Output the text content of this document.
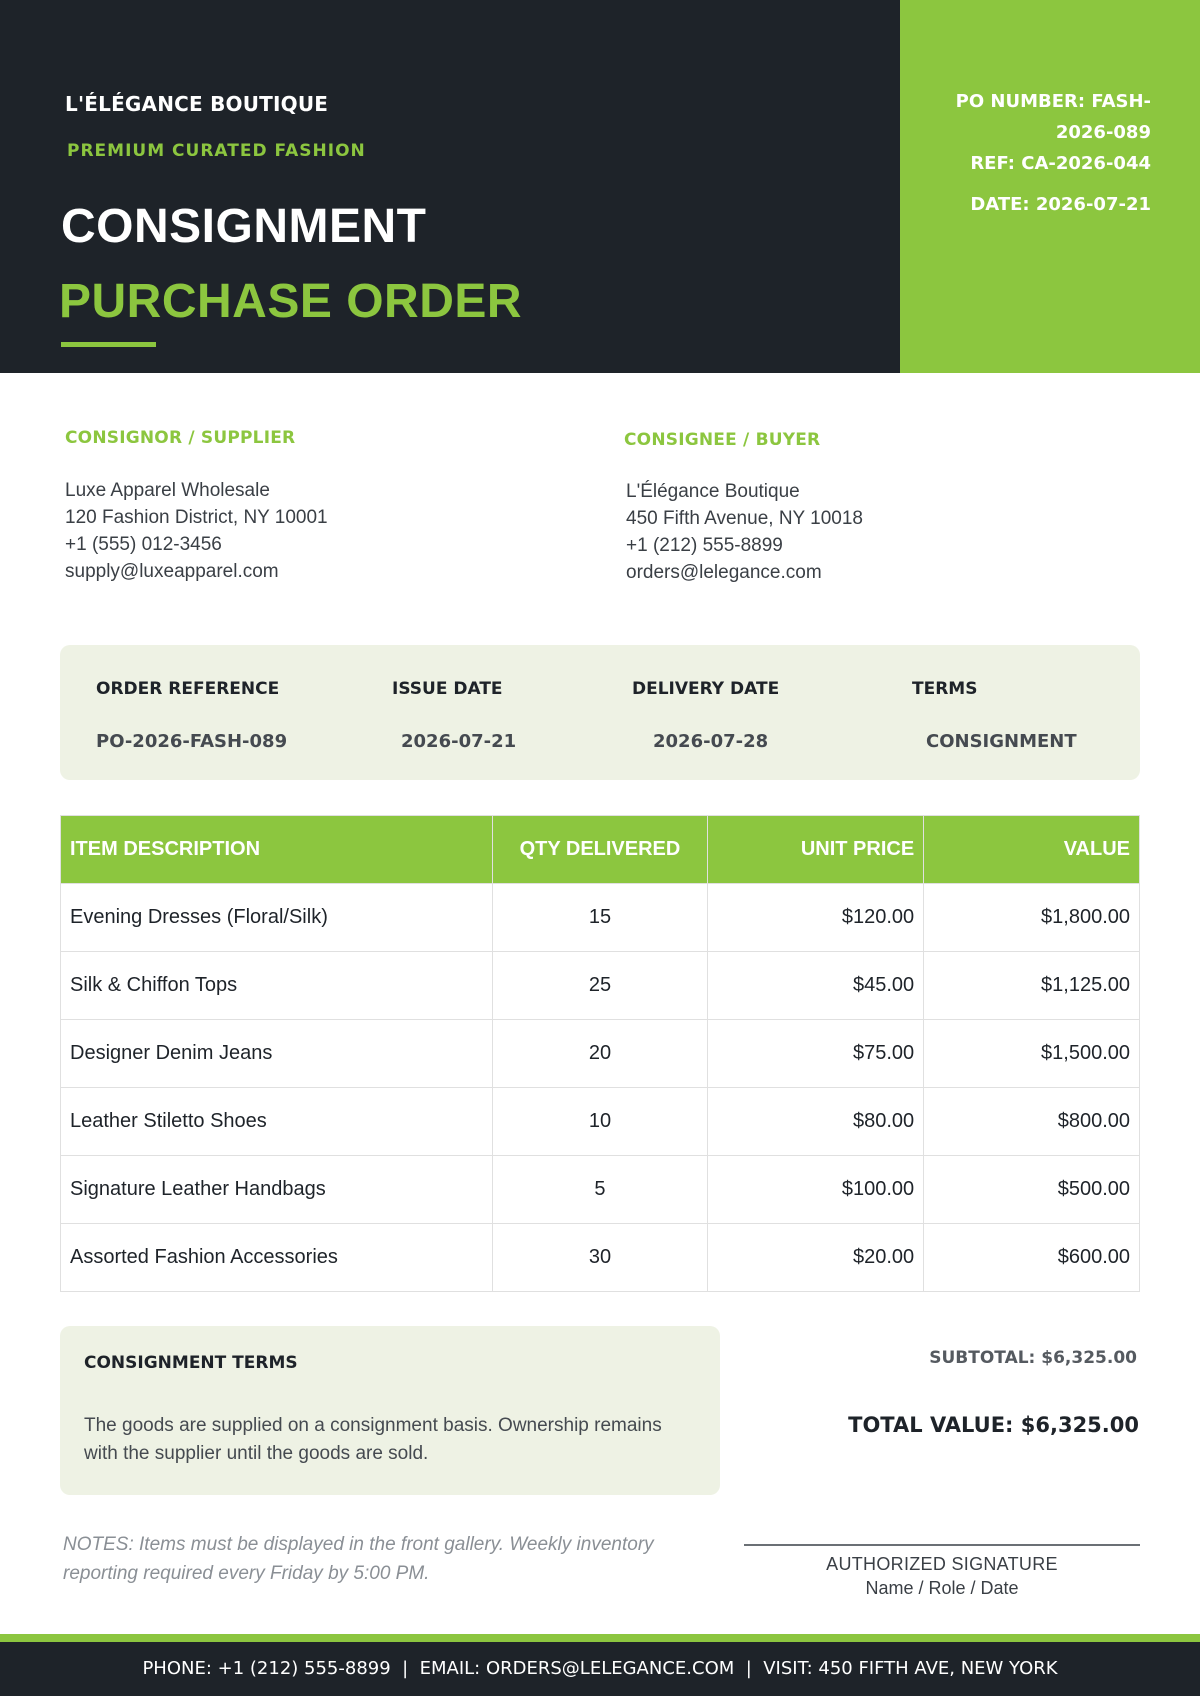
PO NUMBER: FASH-
2026-089
REF: CA-2026-044
DATE: 2026-07-21
L'ÉLÉGANCE BOUTIQUE
PREMIUM CURATED FASHION
CONSIGNMENT
PURCHASE ORDER
CONSIGNOR / SUPPLIER
Luxe Apparel Wholesale
120 Fashion District, NY 10001
+1 (555) 012-3456
supply@luxeapparel.com
CONSIGNEE / BUYER
L'Élégance Boutique
450 Fifth Avenue, NY 10018
+1 (212) 555-8899
orders@lelegance.com
ORDER REFERENCE
PO-2026-FASH-089
ISSUE DATE
2026-07-21
DELIVERY DATE
2026-07-28
TERMS
CONSIGNMENT
ITEM DESCRIPTION	QTY DELIVERED	UNIT PRICE	VALUE
Evening Dresses (Floral/Silk)	15	$120.00	$1,800.00
Silk & Chiffon Tops	25	$45.00	$1,125.00
Designer Denim Jeans	20	$75.00	$1,500.00
Leather Stiletto Shoes	10	$80.00	$800.00
Signature Leather Handbags	5	$100.00	$500.00
Assorted Fashion Accessories	30	$20.00	$600.00
CONSIGNMENT TERMS
The goods are supplied on a consignment basis. Ownership remains with the supplier until the goods are sold.
SUBTOTAL: $6,325.00
TOTAL VALUE: $6,325.00
NOTES: Items must be displayed in the front gallery. Weekly inventory reporting required every Friday by 5:00 PM.	AUTHORIZED SIGNATURE
Name / Role / Date
PHONE: +1 (212) 555-8899  |  EMAIL: ORDERS@LELEGANCE.COM  |  VISIT: 450 FIFTH AVE, NEW YORK
